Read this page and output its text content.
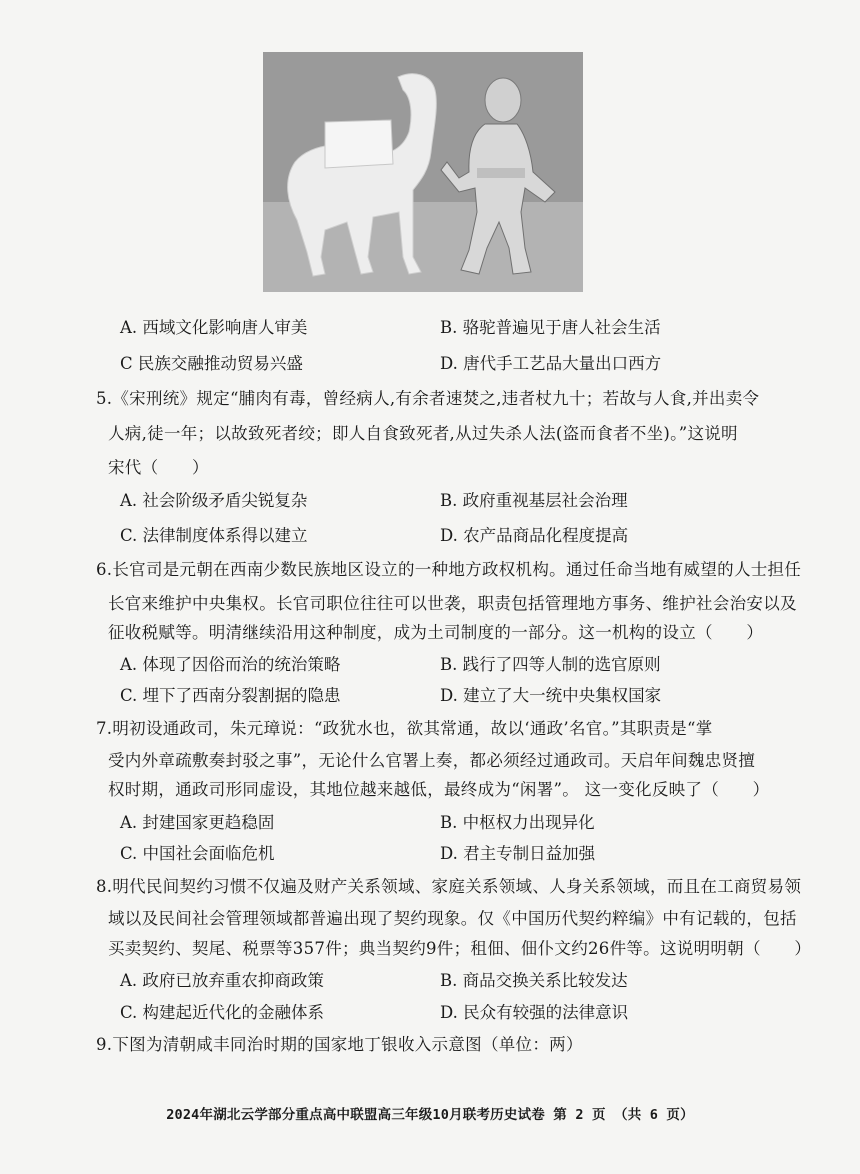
A. 西域文化影响唐人审美	B. 骆驼普遍见于唐人社会生活
C 民族交融推动贸易兴盛	D. 唐代手工艺品大量出口西方
5.《宋刑统》规定“脯肉有毒，曾经病人,有余者速焚之,违者杖九十；若故与人食,并出卖令
人病,徒一年；以故致死者绞；即人自食致死者,从过失杀人法(盗而食者不坐)。”这说明
宋代（　　）
A. 社会阶级矛盾尖锐复杂	B. 政府重视基层社会治理
C. 法律制度体系得以建立	D. 农产品商品化程度提高
6.长官司是元朝在西南少数民族地区设立的一种地方政权机构。通过任命当地有威望的人士担任
长官来维护中央集权。长官司职位往往可以世袭，职责包括管理地方事务、维护社会治安以及
征收税赋等。明清继续沿用这种制度，成为土司制度的一部分。这一机构的设立（　　）
A. 体现了因俗而治的统治策略	B. 践行了四等人制的选官原则
C. 埋下了西南分裂割据的隐患	D. 建立了大一统中央集权国家
7.明初设通政司，朱元璋说：“政犹水也，欲其常通，故以‘通政’名官。”其职责是“掌
受内外章疏敷奏封驳之事”，无论什么官署上奏，都必须经过通政司。天启年间魏忠贤擅
权时期，通政司形同虚设，其地位越来越低，最终成为“闲署”。 这一变化反映了（　　）
A. 封建国家更趋稳固	B. 中枢权力出现异化
C. 中国社会面临危机	D. 君主专制日益加强
8.明代民间契约习惯不仅遍及财产关系领域、家庭关系领域、人身关系领域，而且在工商贸易领
域以及民间社会管理领域都普遍出现了契约现象。仅《中国历代契约粹编》中有记载的，包括
买卖契约、契尾、税票等357件；典当契约9件；租佃、佃仆文约26件等。这说明明朝（　　）
A. 政府已放弃重农抑商政策	B. 商品交换关系比较发达
C. 构建起近代化的金融体系	D. 民众有较强的法律意识
9.下图为清朝咸丰同治时期的国家地丁银收入示意图（单位：两）
2024年湖北云学部分重点高中联盟高三年级10月联考历史试卷 第 2 页 （共 6 页）
